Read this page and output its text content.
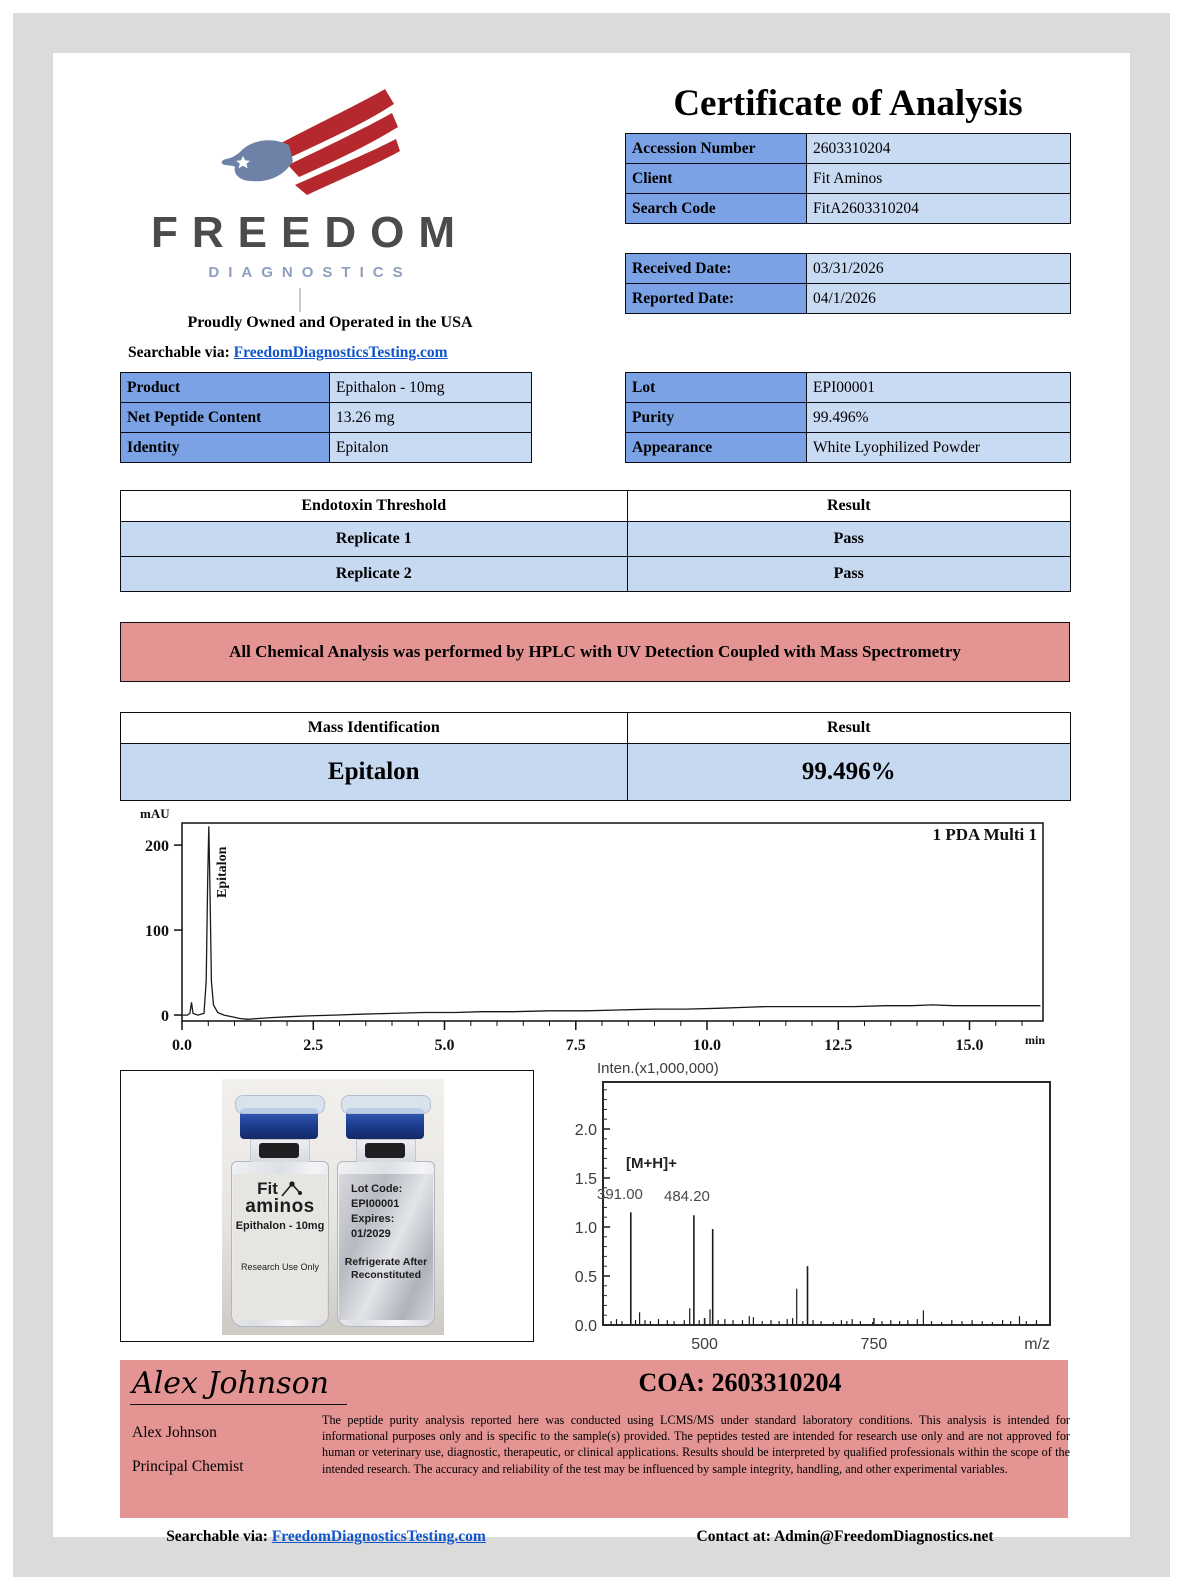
FREEDOM
DIAGNOSTICS
Proudly Owned and Operated in the USA
Searchable via: FreedomDiagnosticsTesting.com
Certificate of Analysis
Accession Number	2603310204
Client	Fit Aminos
Search Code	FitA2603310204
Received Date:	03/31/2026
Reported Date:	04/1/2026
Product	Epithalon - 10mg
Net Peptide Content	13.26 mg
Identity	Epitalon
Lot	EPI00001
Purity	99.496%
Appearance	White Lyophilized Powder
Endotoxin Threshold	Result
Replicate 1	Pass
Replicate 2	Pass
All Chemical Analysis was performed by HPLC with UV Detection Coupled with Mass Spectrometry
Mass Identification	Result
Epitalon	99.496%
mAU
0
100
200
0.0	2.5	5.0	7.5	10.0	12.5	15.0	min
1 PDA Multi 1
Epitalon
Fit
aminos
Epithalon - 10mg
Research Use Only
Lot Code:
EPI00001
Expires:
01/2029
Refrigerate After
Reconstituted
Inten.(x1,000,000)
0.0
0.5
1.0
1.5
2.0
500	750	m/z
[M+H]+
391.00 484.20
Alex Johnson
Alex Johnson
Principal Chemist
COA: 2603310204
The peptide purity analysis reported here was conducted using LCMS/MS under standard laboratory conditions. This analysis is intended for informational purposes only and is specific to the sample(s) provided. The peptides tested are intended for research use only and are not approved for human or veterinary use, diagnostic, therapeutic, or clinical applications. Results should be interpreted by qualified professionals within the scope of the intended research. The accuracy and reliability of the test may be influenced by sample integrity, handling, and other experimental variables.
Searchable via: FreedomDiagnosticsTesting.com	Contact at: Admin@FreedomDiagnostics.net
